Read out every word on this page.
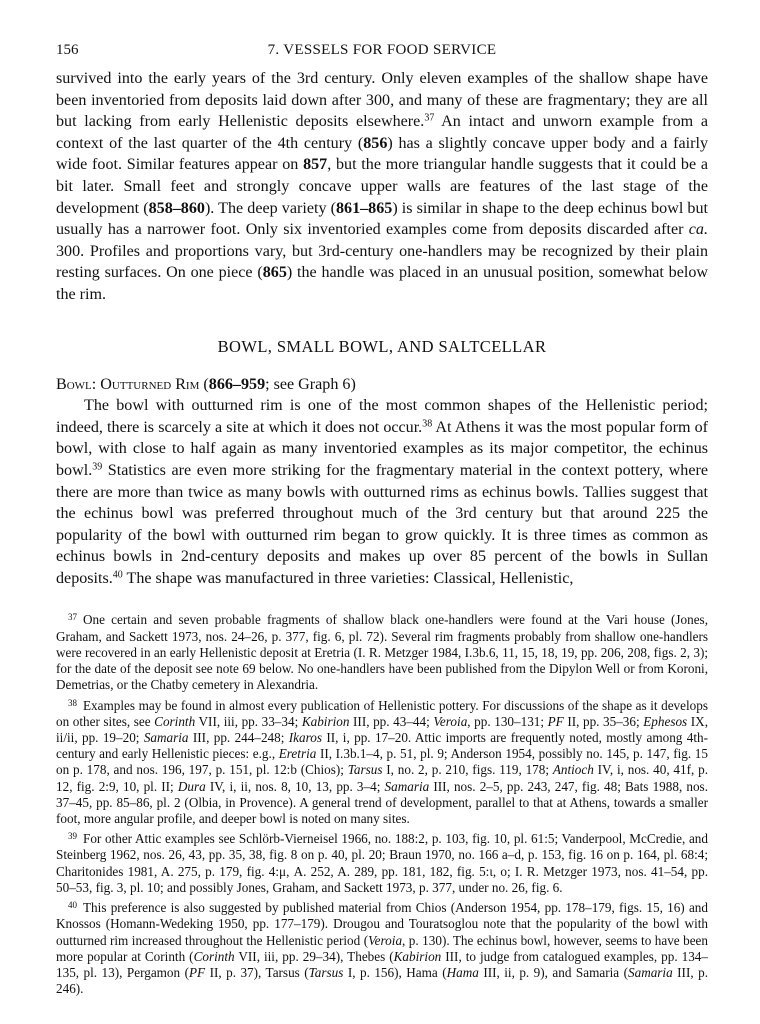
156	7. VESSELS FOR FOOD SERVICE

survived into the early years of the 3rd century. Only eleven examples of the shallow shape have been inventoried from deposits laid down after 300, and many of these are fragmentary; they are all but lacking from early Hellenistic deposits elsewhere.$^{37}$ An intact and unworn example from a context of the last quarter of the 4th century (856) has a slightly concave upper body and a fairly wide foot. Similar features appear on 857, but the more triangular handle suggests that it could be a bit later. Small feet and strongly concave upper walls are features of the last stage of the development (858–860). The deep variety (861–865) is similar in shape to the deep echinus bowl but usually has a narrower foot. Only six inventoried examples come from deposits discarded after ca. 300. Profiles and proportions vary, but 3rd-century one-handlers may be recognized by their plain resting surfaces. On one piece (865) the handle was placed in an unusual position, somewhat below the rim.

BOWL, SMALL BOWL, AND SALTCELLAR

Bowl: Outturned Rim (866–959; see Graph 6)

The bowl with outturned rim is one of the most common shapes of the Hellenistic period; indeed, there is scarcely a site at which it does not occur.$^{38}$ At Athens it was the most popular form of bowl, with close to half again as many inventoried examples as its major competitor, the echinus bowl.$^{39}$ Statistics are even more striking for the fragmentary material in the context pottery, where there are more than twice as many bowls with outturned rims as echinus bowls. Tallies suggest that the echinus bowl was preferred throughout much of the 3rd century but that around 225 the popularity of the bowl with outturned rim began to grow quickly. It is three times as common as echinus bowls in 2nd-century deposits and makes up over 85 percent of the bowls in Sullan deposits.$^{40}$ The shape was manufactured in three varieties: Classical, Hellenistic,

$^{37}$ One certain and seven probable fragments of shallow black one-handlers were found at the Vari house (Jones, Graham, and Sackett 1973, nos. 24–26, p. 377, fig. 6, pl. 72). Several rim fragments probably from shallow one-handlers were recovered in an early Hellenistic deposit at Eretria (I. R. Metzger 1984, I.3b.6, 11, 15, 18, 19, pp. 206, 208, figs. 2, 3); for the date of the deposit see note 69 below. No one-handlers have been published from the Dipylon Well or from Koroni, Demetrias, or the Chatby cemetery in Alexandria.

$^{38}$ Examples may be found in almost every publication of Hellenistic pottery. For discussions of the shape as it develops on other sites, see Corinth VII, iii, pp. 33–34; Kabirion III, pp. 43–44; Veroia, pp. 130–131; PF II, pp. 35–36; Ephesos IX, ii/ii, pp. 19–20; Samaria III, pp. 244–248; Ikaros II, i, pp. 17–20. Attic imports are frequently noted, mostly among 4th-century and early Hellenistic pieces: e.g., Eretria II, I.3b.1–4, p. 51, pl. 9; Anderson 1954, possibly no. 145, p. 147, fig. 15 on p. 178, and nos. 196, 197, p. 151, pl. 12:b (Chios); Tarsus I, no. 2, p. 210, figs. 119, 178; Antioch IV, i, nos. 40, 41f, p. 12, fig. 2:9, 10, pl. II; Dura IV, i, ii, nos. 8, 10, 13, pp. 3–4; Samaria III, nos. 2–5, pp. 243, 247, fig. 48; Bats 1988, nos. 37–45, pp. 85–86, pl. 2 (Olbia, in Provence). A general trend of development, parallel to that at Athens, towards a smaller foot, more angular profile, and deeper bowl is noted on many sites.

$^{39}$ For other Attic examples see Schlörb-Vierneisel 1966, no. 188:2, p. 103, fig. 10, pl. 61:5; Vanderpool, McCredie, and Steinberg 1962, nos. 26, 43, pp. 35, 38, fig. 8 on p. 40, pl. 20; Braun 1970, no. 166 a–d, p. 153, fig. 16 on p. 164, pl. 68:4; Charitonides 1981, A. 275, p. 179, fig. 4:μ, A. 252, A. 289, pp. 181, 182, fig. 5:ι, ο; I. R. Metzger 1973, nos. 41–54, pp. 50–53, fig. 3, pl. 10; and possibly Jones, Graham, and Sackett 1973, p. 377, under no. 26, fig. 6.

$^{40}$ This preference is also suggested by published material from Chios (Anderson 1954, pp. 178–179, figs. 15, 16) and Knossos (Homann-Wedeking 1950, pp. 177–179). Drougou and Touratsoglou note that the popularity of the bowl with outturned rim increased throughout the Hellenistic period (Veroia, p. 130). The echinus bowl, however, seems to have been more popular at Corinth (Corinth VII, iii, pp. 29–34), Thebes (Kabirion III, to judge from catalogued examples, pp. 134–135, pl. 13), Pergamon (PF II, p. 37), Tarsus (Tarsus I, p. 156), Hama (Hama III, ii, p. 9), and Samaria (Samaria III, p. 246).
